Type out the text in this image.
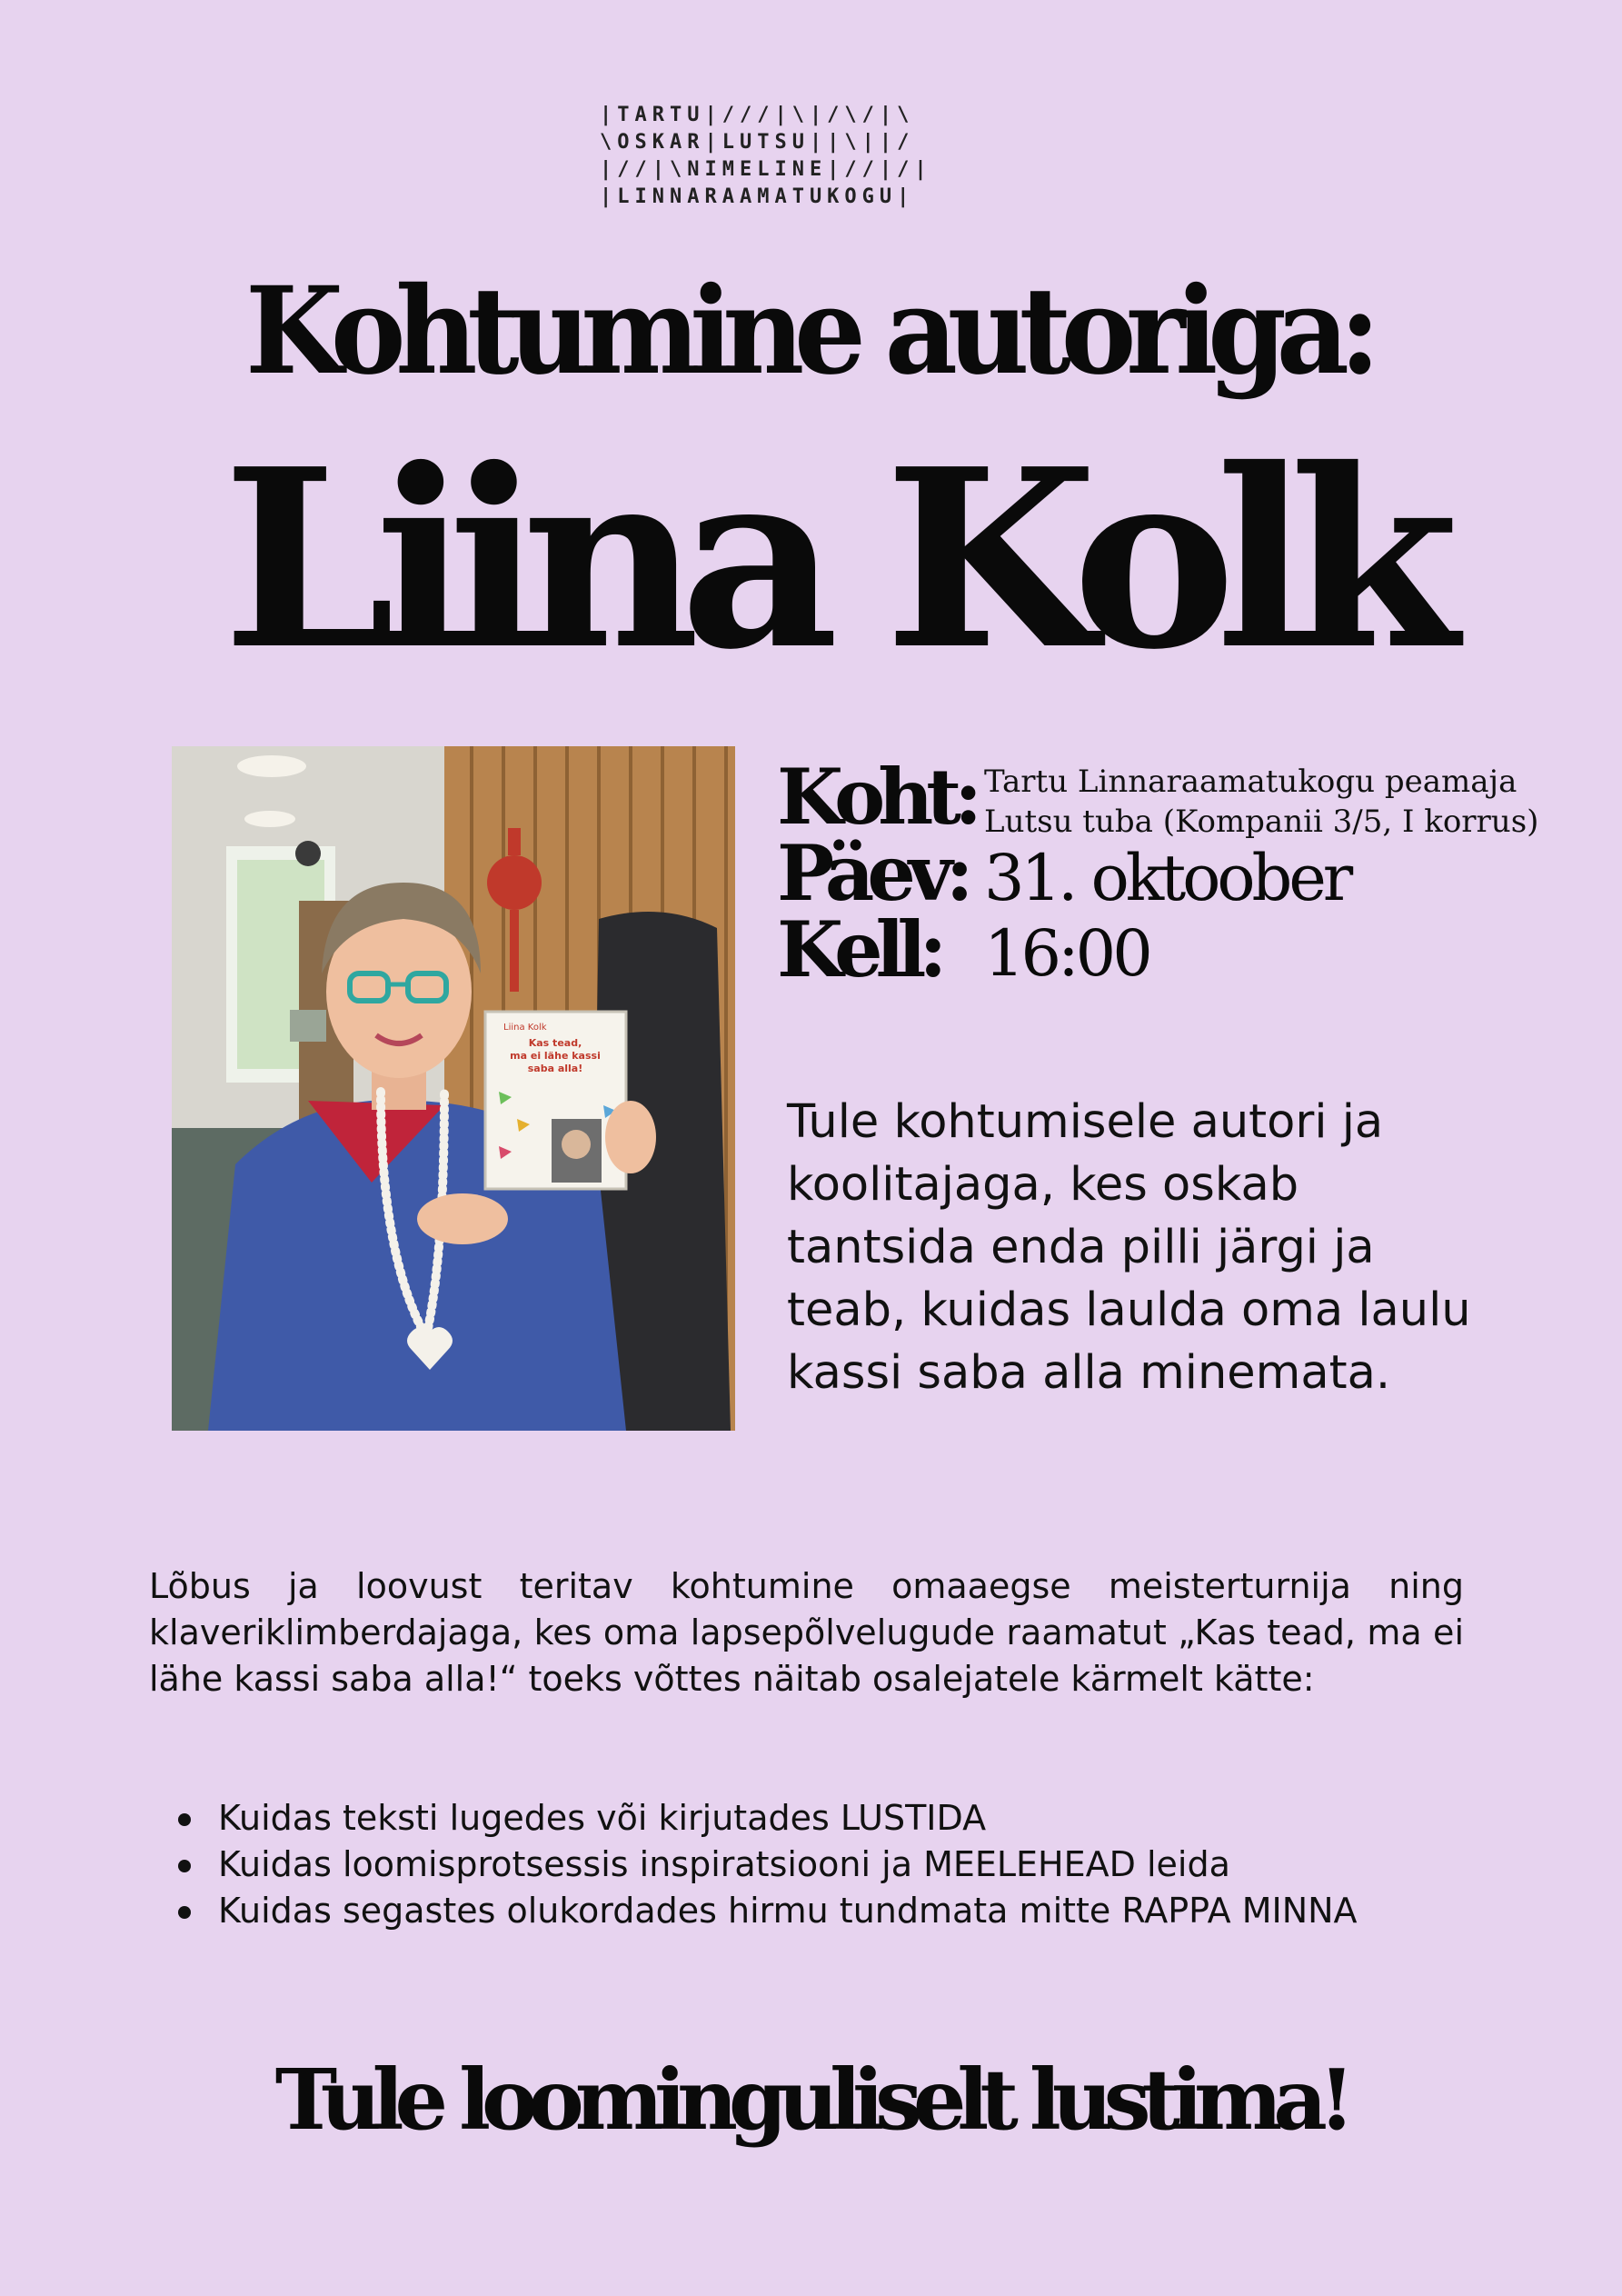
|TARTU|///|\|/\/|\
\OSKAR|LUTSU||\||/
|//|\NIMELINE|//|/|
|LINNARAAMATUKOGU|
Kohtumine autoriga:
Liina Kolk
Liina Kolk
Kas tead,
ma ei lähe kassi
saba alla!
Koht:
Päev:
Kell:
Tartu Linnaraamatukogu peamaja
Lutsu tuba (Kompanii 3/5, I korrus)
31. oktoober
16:00
Tule kohtumisele autori ja koolitajaga, kes oskab tantsida enda pilli järgi ja teab, kuidas laulda oma laulu kassi saba alla minemata.
Lõbus ja loovust teritav kohtumine omaaegse meisterturnija ning klaveriklimberdajaga, kes oma lapsepõlvelugude raamatut „Kas tead, ma ei lähe kassi saba alla!“ toeks võttes näitab osalejatele kärmelt kätte:
Kuidas teksti lugedes või kirjutades LUSTIDA
Kuidas loomisprotsessis inspiratsiooni ja MEELEHEAD leida
Kuidas segastes olukordades hirmu tundmata mitte RAPPA MINNA
Tule loominguliselt lustima!
